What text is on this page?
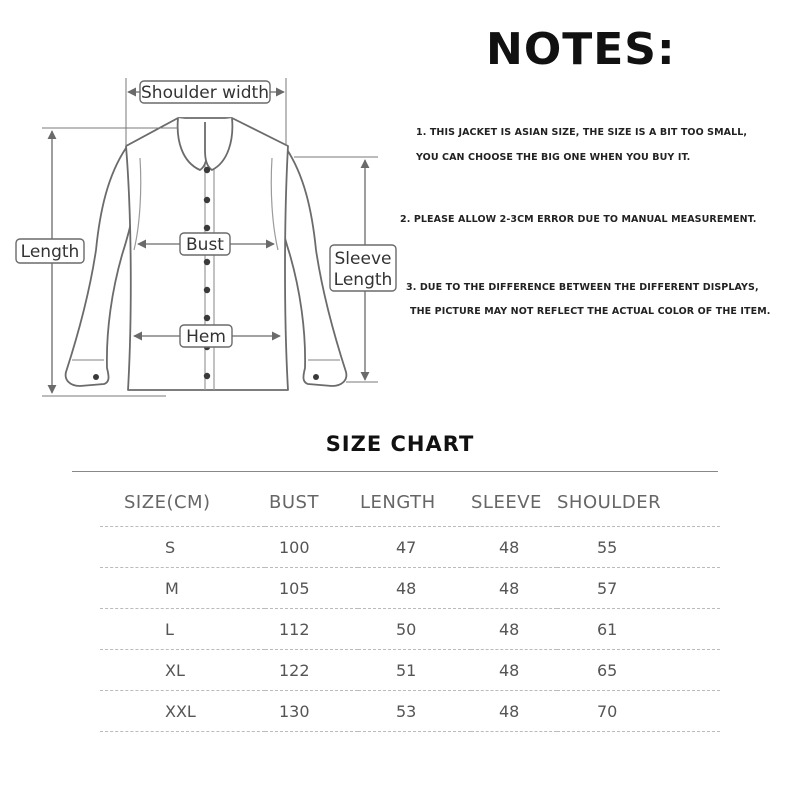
Shoulder width
Length	Bust
Hem
Sleeve
Length
NOTES:

1. THIS JACKET IS ASIAN SIZE, THE SIZE IS A BIT TOO SMALL,

YOU CAN CHOOSE THE BIG ONE WHEN YOU BUY IT.

2. PLEASE ALLOW 2-3CM ERROR DUE TO MANUAL MEASUREMENT.

3. DUE TO THE DIFFERENCE BETWEEN THE DIFFERENT DISPLAYS,

THE PICTURE MAY NOT REFLECT THE ACTUAL COLOR OF THE ITEM.

SIZE CHART
SIZE(CM)	BUST	LENGTH	SLEEVE	SHOULDER
S	100	47	48	55
M	105	48	48	57
L	112	50	48	61
XL	122	51	48	65
XXL	130	53	48	70
